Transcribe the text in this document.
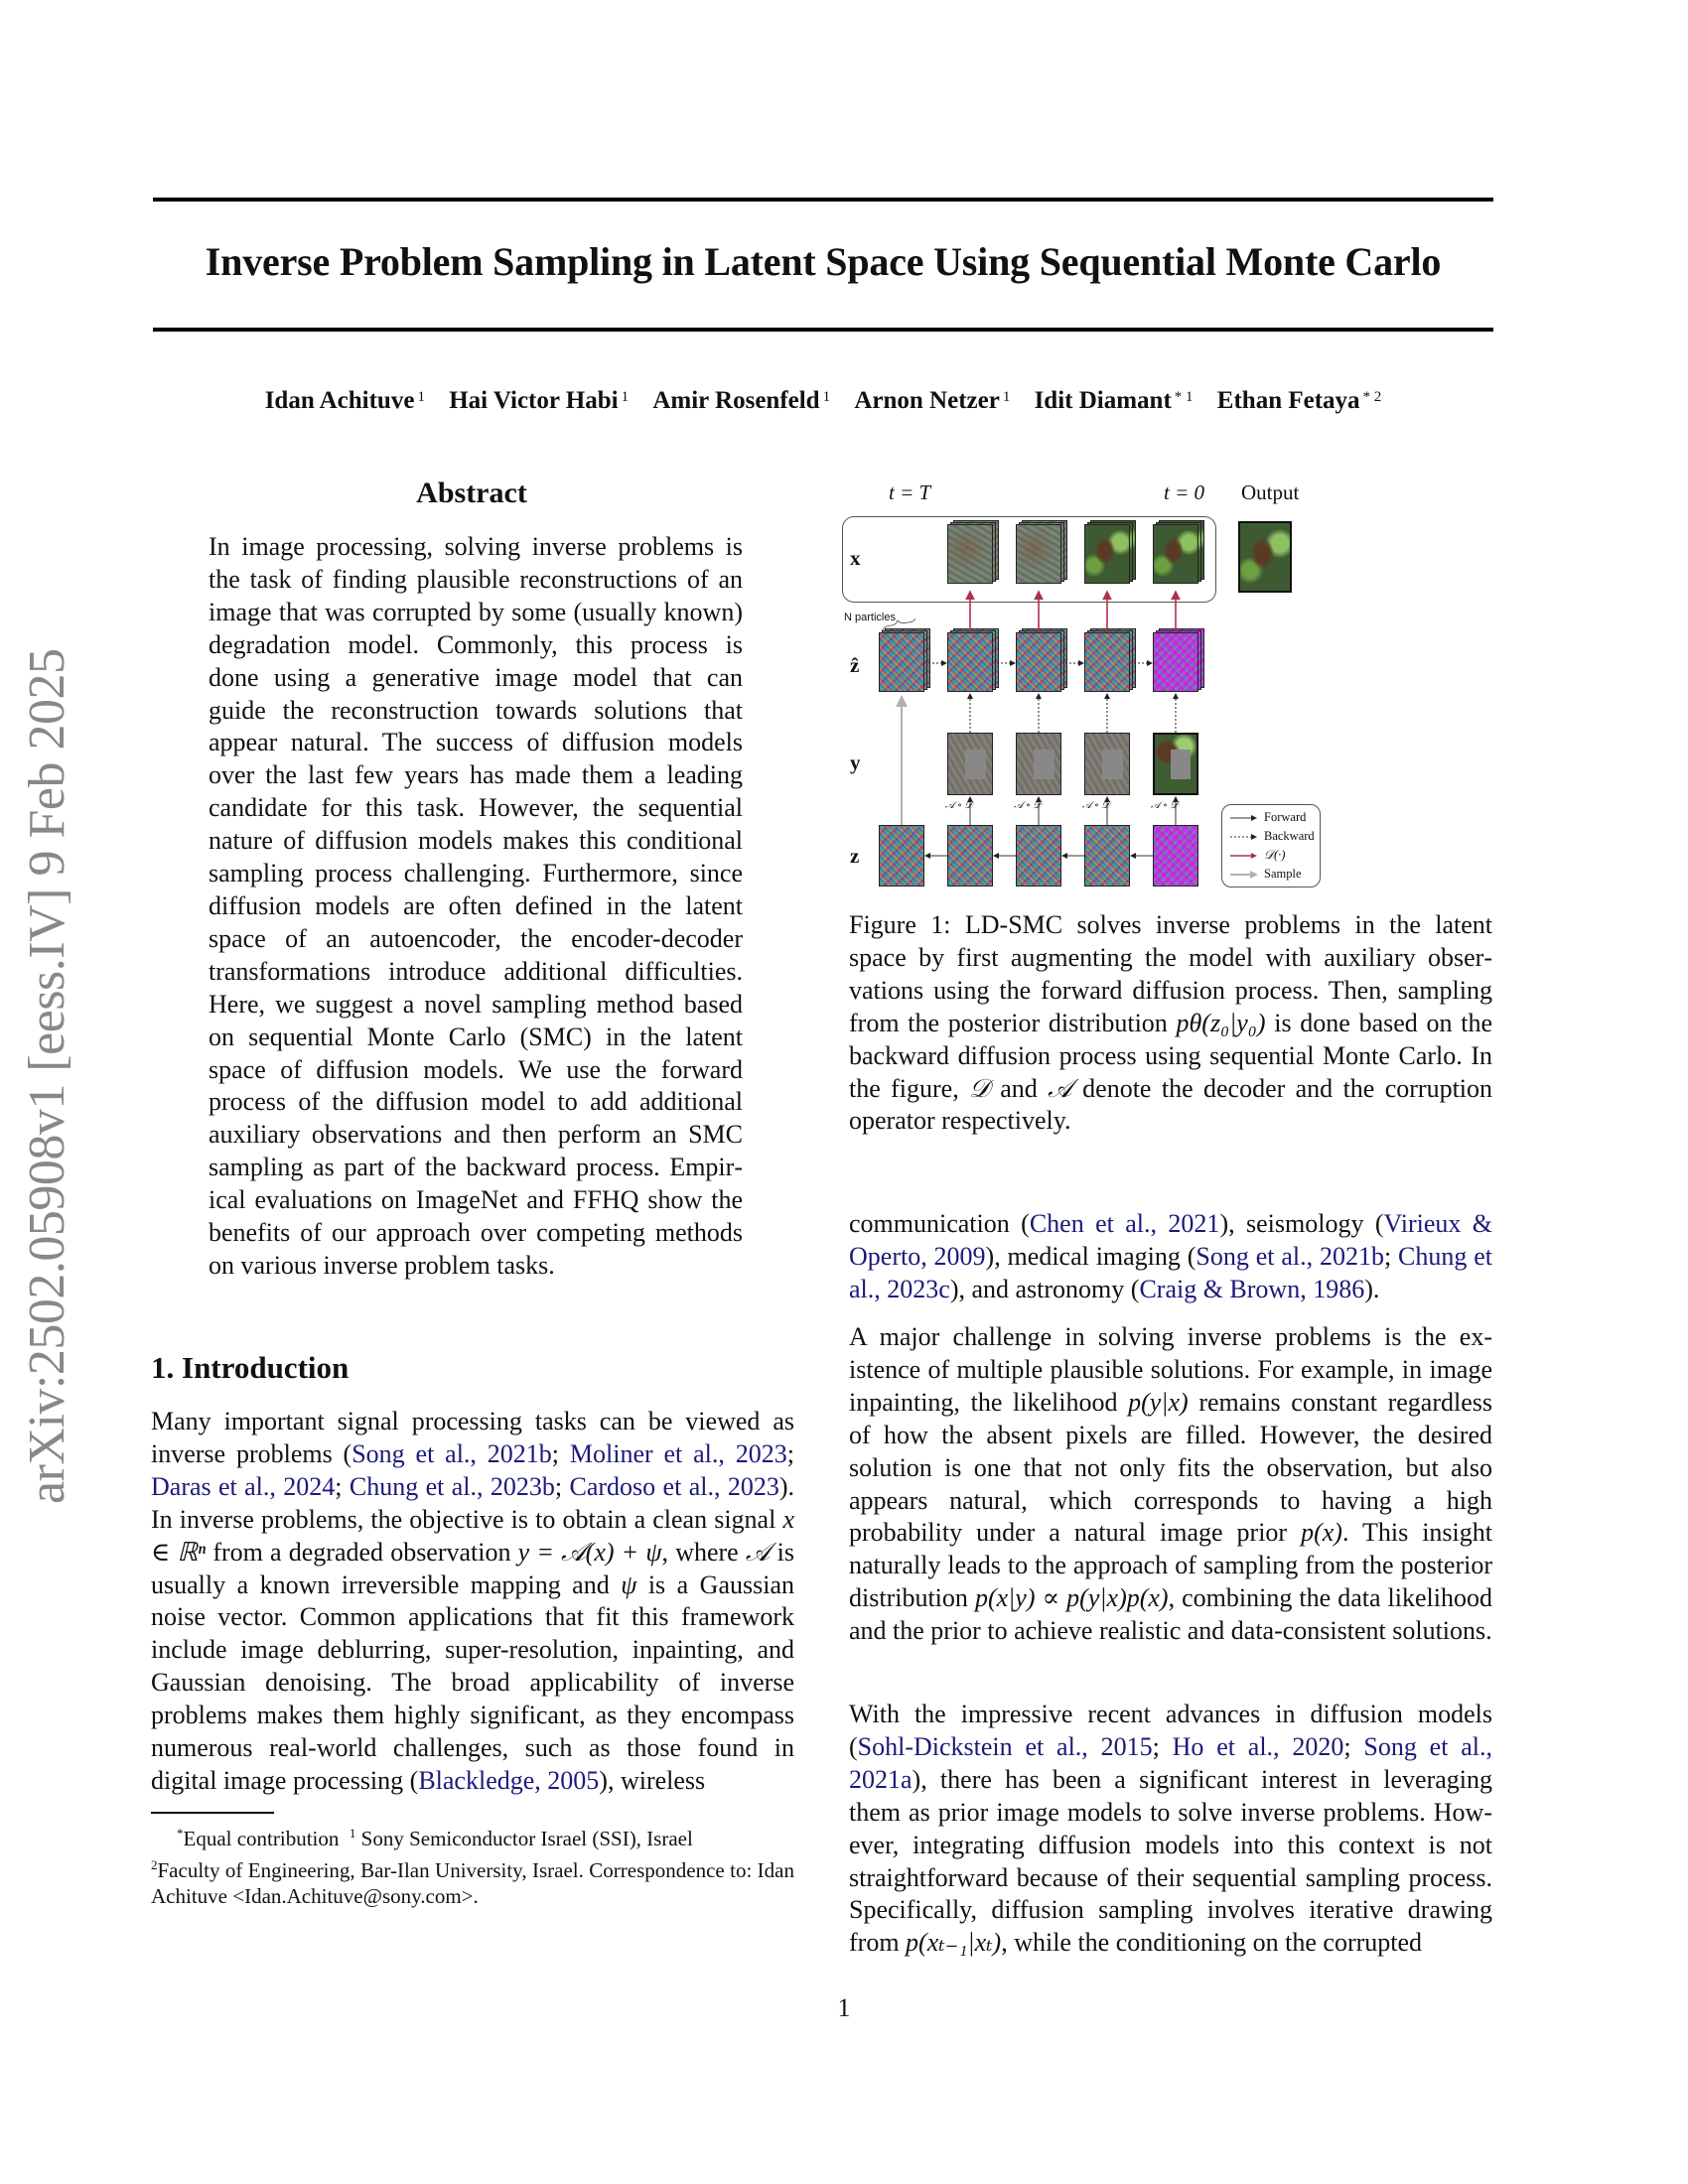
arXiv:2502.05908v1 [eess.IV] 9 Feb 2025
Inverse Problem Sampling in Latent Space Using Sequential Monte Carlo
Idan Achituve $^1$ Hai Victor Habi $^1$ Amir Rosenfeld $^1$ Arnon Netzer $^1$ Idit Diamant $^{* 1}$ Ethan Fetaya $^{* 2}$
Abstract
In image processing, solving inverse problems is the task of finding plausible reconstructions of an image that was corrupted by some (usually known) degradation model. Commonly, this process is done using a generative image model that can guide the reconstruction towards solutions that appear natural. The success of diffusion models over the last few years has made them a leading candidate for this task. However, the sequential nature of diffusion models makes this conditional sampling process challenging. Furthermore, since diffusion models are often defined in the latent space of an autoencoder, the encoder-decoder transformations introduce additional difficulties. Here, we suggest a novel sampling method based on sequential Monte Carlo (SMC) in the latent space of diffusion models. We use the forward process of the diffusion model to add additional auxiliary observations and then perform an SMC sampling as part of the backward process. Empirical evaluations on ImageNet and FFHQ show the benefits of our approach over competing methods on various inverse problem tasks.
1. Introduction
Many important signal processing tasks can be viewed as inverse problems (Song et al., 2021b; Moliner et al., 2023; Daras et al., 2024; Chung et al., 2023b; Cardoso et al., 2023). In inverse problems, the objective is to obtain a clean signal x ∈ ℝⁿ from a degraded observation y = 𝒜(x) + ψ, where 𝒜 is usually a known irreversible mapping and ψ is a Gaussian noise vector. Common applications that fit this framework include image deblurring, super-resolution, inpainting, and Gaussian denoising. The broad applicability of inverse problems makes them highly significant, as they encompass numerous real-world challenges, such as those found in digital image processing (Blackledge, 2005), wireless
*Equal contribution $^1$ Sony Semiconductor Israel (SSI), Israel
$^2$Faculty of Engineering, Bar-Ilan University, Israel. Correspondence to: Idan Achituve <Idan.Achituve@sony.com>.
t = T	t = 0 Output
x
ẑ
y
z
N particles
𝒜 ∘ 𝒟	𝒜 ∘ 𝒟	𝒜 ∘ 𝒟	𝒜 ∘ 𝒟
Forward
Backward
𝒟(·)
Sample
Figure 1: LD-SMC solves inverse problems in the latent space by first augmenting the model with auxiliary observations using the forward diffusion process. Then, sampling from the posterior distribution pθ(z₀|y₀) is done based on the backward diffusion process using sequential Monte Carlo. In the figure, 𝒟 and 𝒜 denote the decoder and the corruption operator respectively.
communication (Chen et al., 2021), seismology (Virieux & Operto, 2009), medical imaging (Song et al., 2021b; Chung et al., 2023c), and astronomy (Craig & Brown, 1986).
A major challenge in solving inverse problems is the existence of multiple plausible solutions. For example, in image inpainting, the likelihood p(y|x) remains constant regardless of how the absent pixels are filled. However, the desired solution is one that not only fits the observation, but also appears natural, which corresponds to having a high probability under a natural image prior p(x). This insight naturally leads to the approach of sampling from the posterior distribution p(x|y) ∝ p(y|x)p(x), combining the data likelihood and the prior to achieve realistic and data-consistent solutions.
With the impressive recent advances in diffusion models (Sohl-Dickstein et al., 2015; Ho et al., 2020; Song et al., 2021a), there has been a significant interest in leveraging them as prior image models to solve inverse problems. However, integrating diffusion models into this context is not straightforward because of their sequential sampling process. Specifically, diffusion sampling involves iterative drawing from p(xₜ₋₁|xₜ), while the conditioning on the corrupted
1
